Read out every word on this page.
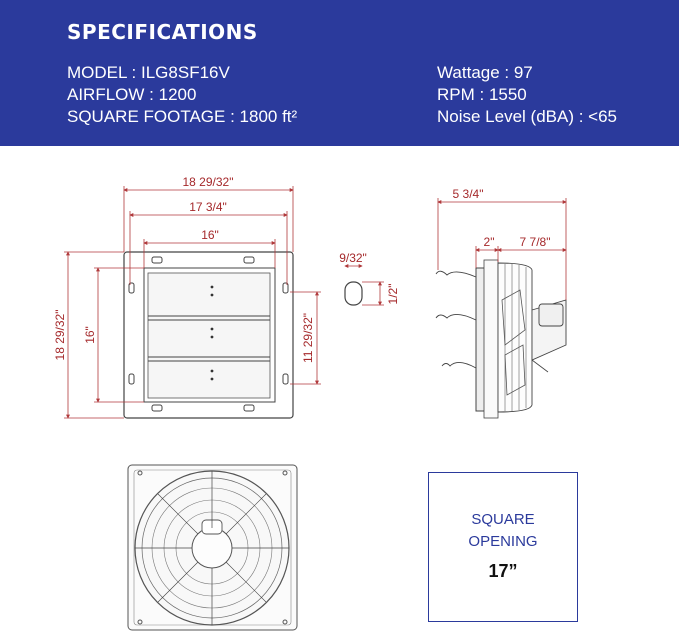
SPECIFICATIONS
MODEL : ILG8SF16V
AIRFLOW : 1200
SQUARE FOOTAGE : 1800 ft²
Wattage : 97
RPM : 1550
Noise Level (dBA) : <65
18 29/32"
17 3/4"
16"
18 29/32" 16"	11 29/32"
9/32"
1/2"
5 3/4"
2" 7 7/8"
SQUARE
OPENING
17”
